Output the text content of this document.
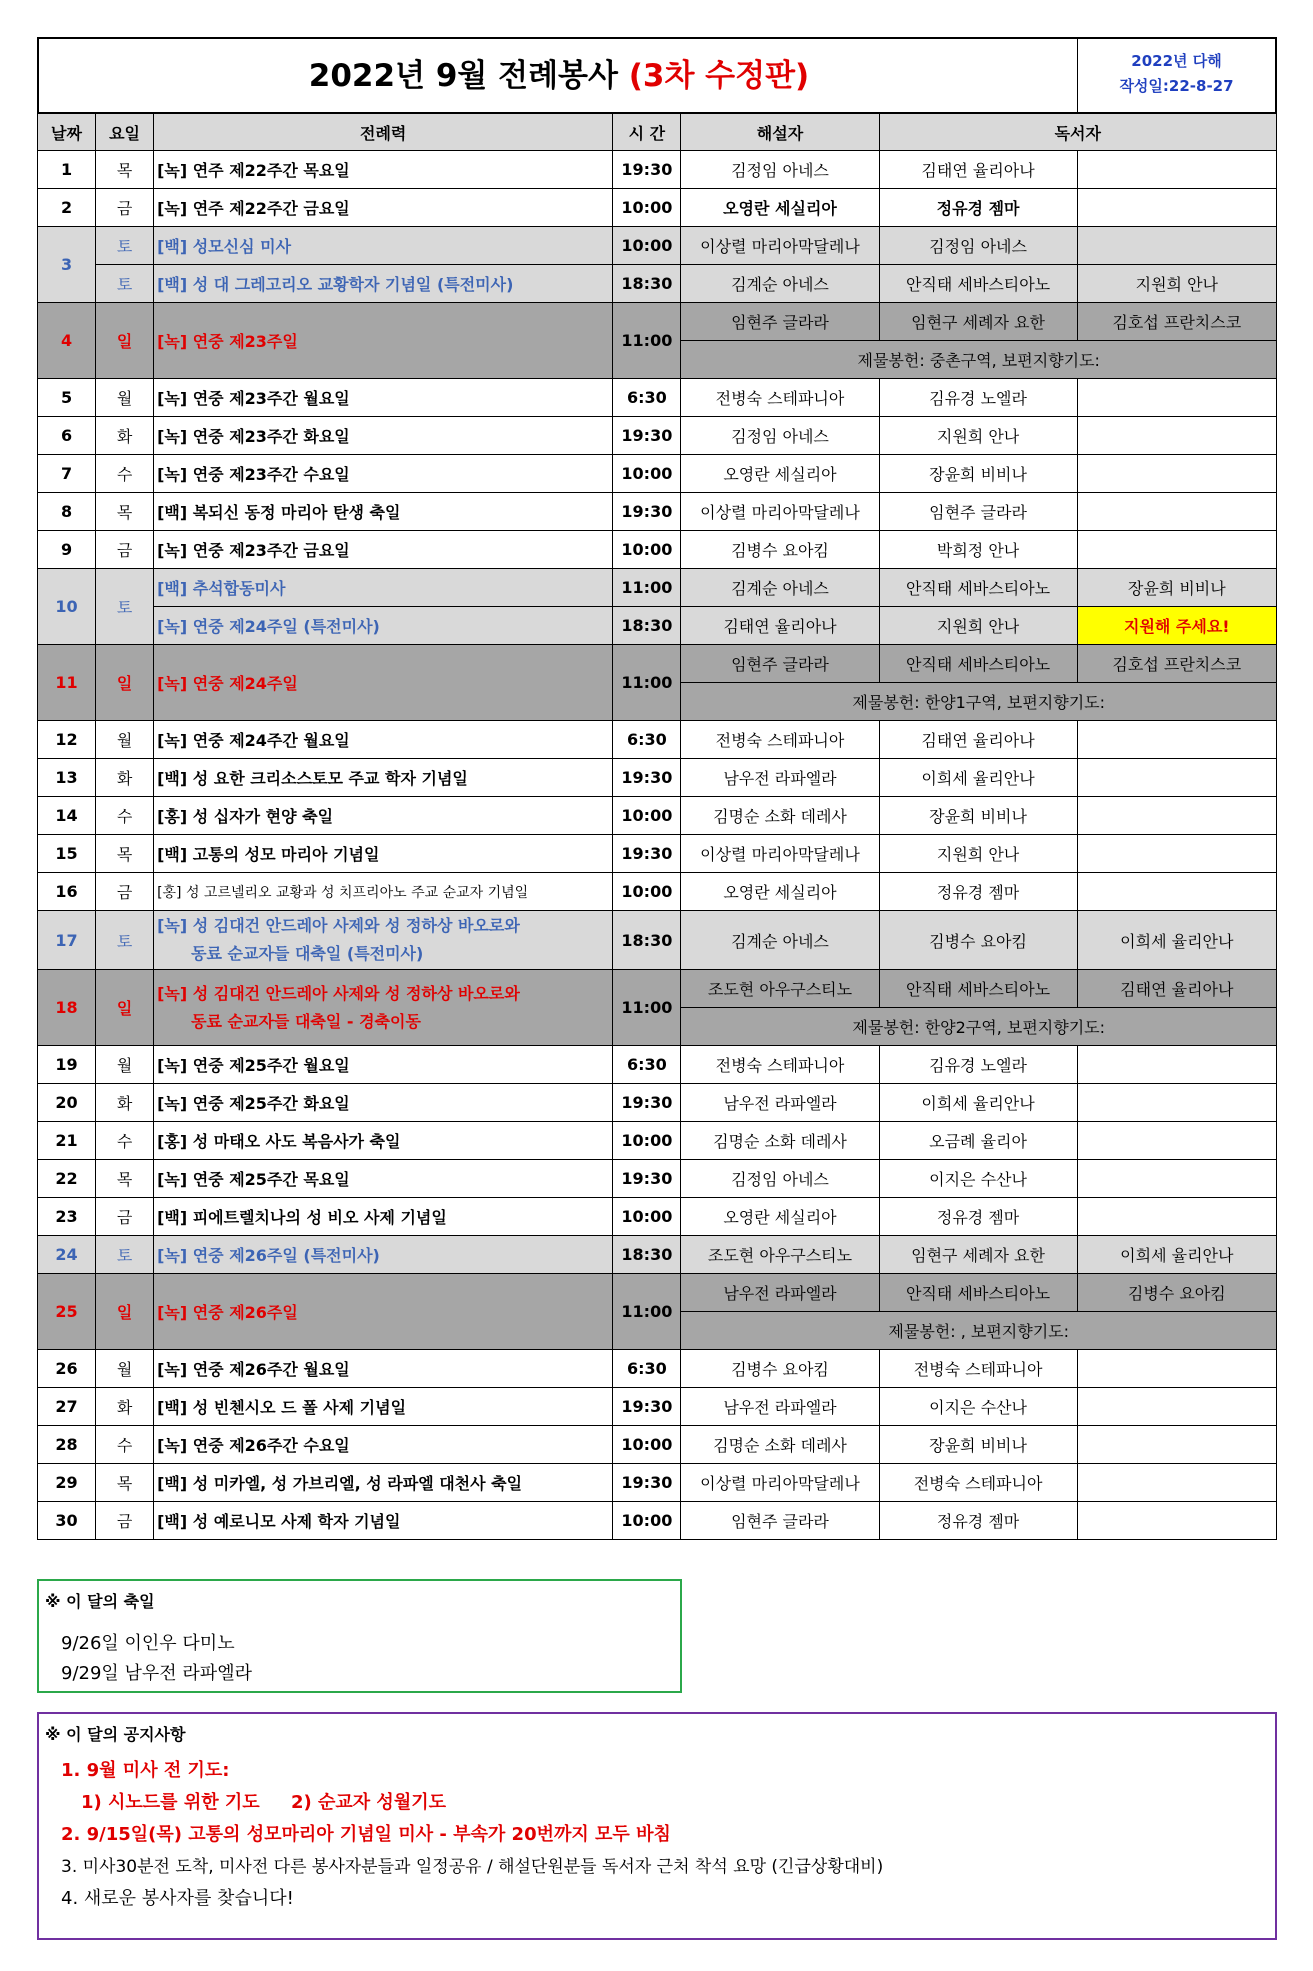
2022년 9월 전례봉사 (3차 수정판)	2022년 다해
작성일:22-8-27
날짜	요일	전례력	시 간	해설자	독서자	
1	목	[녹] 연주 제22주간 목요일	19:30	김정임 아네스	김태연 율리아나	
2	금	[녹] 연주 제22주간 금요일	10:00	오영란 세실리아	정유경 젬마	
3	토	[백] 성모신심 미사	10:00	이상렬 마리아막달레나	김정임 아네스	
	토	[백] 성 대 그레고리오 교황학자 기념일 (특전미사)	18:30	김계순 아네스	안직태 세바스티아노	지원희 안나
4	일	[녹] 연중 제23주일	11:00	임현주 글라라	임현구 세례자 요한	김호섭 프란치스코
				제물봉헌: 중촌구역, 보편지향기도:		
5	월	[녹] 연중 제23주간 월요일	6:30	전병숙 스테파니아	김유경 노엘라	
6	화	[녹] 연중 제23주간 화요일	19:30	김정임 아네스	지원희 안나	
7	수	[녹] 연중 제23주간 수요일	10:00	오영란 세실리아	장윤희 비비나	
8	목	[백] 복되신 동정 마리아 탄생 축일	19:30	이상렬 마리아막달레나	임현주 글라라	
9	금	[녹] 연중 제23주간 금요일	10:00	김병수 요아킴	박희정 안나	
10	토	[백] 추석합동미사	11:00	김계순 아네스	안직태 세바스티아노	장윤희 비비나
		[녹] 연중 제24주일 (특전미사)	18:30	김태연 율리아나	지원희 안나	지원해 주세요!
11	일	[녹] 연중 제24주일	11:00	임현주 글라라	안직태 세바스티아노	김호섭 프란치스코
				제물봉헌: 한양1구역, 보편지향기도:		
12	월	[녹] 연중 제24주간 월요일	6:30	전병숙 스테파니아	김태연 율리아나	
13	화	[백] 성 요한 크리소스토모 주교 학자 기념일	19:30	남우전 라파엘라	이희세 율리안나	
14	수	[홍] 성 십자가 현양 축일	10:00	김명순 소화 데레사	장윤희 비비나	
15	목	[백] 고통의 성모 마리아 기념일	19:30	이상렬 마리아막달레나	지원희 안나	
16	금	[홍] 성 고르넬리오 교황과 성 치프리아노 주교 순교자 기념일	10:00	오영란 세실리아	정유경 젬마	
17	토	[녹] 성 김대건 안드레아 사제와 성 정하상 바오로와
동료 순교자들 대축일 (특전미사)	18:30	김계순 아네스	김병수 요아킴	이희세 율리안나
18	일	[녹] 성 김대건 안드레아 사제와 성 정하상 바오로와
동료 순교자들 대축일 - 경축이동	11:00	조도현 아우구스티노	안직태 세바스티아노	김태연 율리아나
				제물봉헌: 한양2구역, 보편지향기도:		
19	월	[녹] 연중 제25주간 월요일	6:30	전병숙 스테파니아	김유경 노엘라	
20	화	[녹] 연중 제25주간 화요일	19:30	남우전 라파엘라	이희세 율리안나	
21	수	[홍] 성 마태오 사도 복음사가 축일	10:00	김명순 소화 데레사	오금례 율리아	
22	목	[녹] 연중 제25주간 목요일	19:30	김정임 아네스	이지은 수산나	
23	금	[백] 피에트렐치나의 성 비오 사제 기념일	10:00	오영란 세실리아	정유경 젬마	
24	토	[녹] 연중 제26주일 (특전미사)	18:30	조도현 아우구스티노	임현구 세례자 요한	이희세 율리안나
25	일	[녹] 연중 제26주일	11:00	남우전 라파엘라	안직태 세바스티아노	김병수 요아킴
				제물봉헌: , 보편지향기도:		
26	월	[녹] 연중 제26주간 월요일	6:30	김병수 요아킴	전병숙 스테파니아	
27	화	[백] 성 빈첸시오 드 폴 사제 기념일	19:30	남우전 라파엘라	이지은 수산나	
28	수	[녹] 연중 제26주간 수요일	10:00	김명순 소화 데레사	장윤희 비비나	
29	목	[백] 성 미카엘, 성 가브리엘, 성 라파엘 대천사 축일	19:30	이상렬 마리아막달레나	전병숙 스테파니아	
30	금	[백] 성 예로니모 사제 학자 기념일	10:00	임현주 글라라	정유경 젬마	
※ 이 달의 축일
9/26일 이인우 다미노
9/29일 남우전 라파엘라
※ 이 달의 공지사항
1. 9월 미사 전 기도:
1) 시노드를 위한 기도     2) 순교자 성월기도
2. 9/15일(목) 고통의 성모마리아 기념일 미사 - 부속가 20번까지 모두 바침
3. 미사30분전 도착, 미사전 다른 봉사자분들과 일정공유 / 해설단원분들 독서자 근처 착석 요망 (긴급상황대비)
4. 새로운 봉사자를 찾습니다!
